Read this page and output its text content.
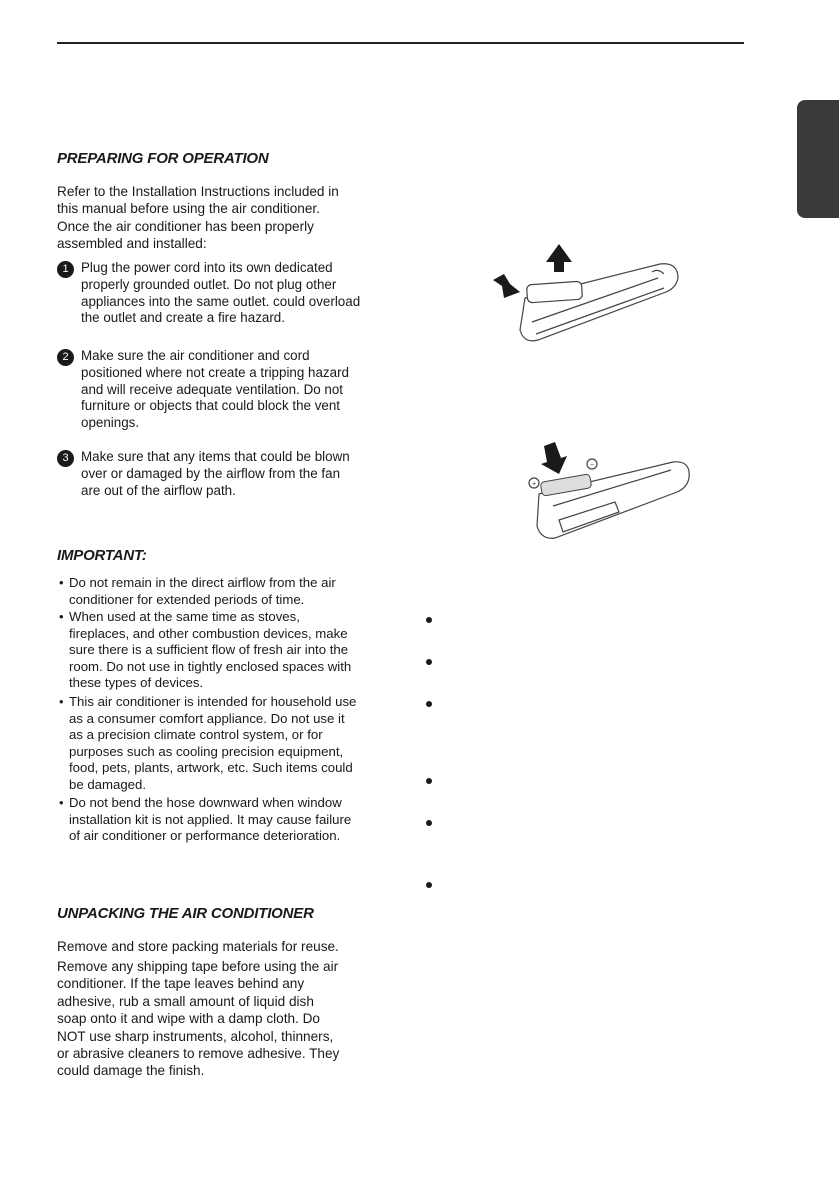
PREPARING FOR OPERATION

Refer to the Installation Instructions included in this manual before using the air conditioner. Once the air conditioner has been properly assembled and installed:

1 Plug the power cord into its own dedicated properly grounded outlet. Do not plug other appliances into the same outlet. could overload the outlet and create a fire hazard.
2 Make sure the air conditioner and cord positioned where not create a tripping hazard and will receive adequate ventilation. Do not furniture or objects that could block the vent openings.
3 Make sure that any items that could be blown over or damaged by the airflow from the fan are out of the airflow path.
IMPORTANT:
• Do not remain in the direct airflow from the air conditioner for extended periods of time.
• When used at the same time as stoves, fireplaces, and other combustion devices, make sure there is a sufficient flow of fresh air into the room. Do not use in tightly enclosed spaces with these types of devices.
• This air conditioner is intended for household use as a consumer comfort appliance. Do not use it as a precision climate control system, or for purposes such as cooling precision equipment, food, pets, plants, artwork, etc. Such items could be damaged.
• Do not bend the hose downward when window installation kit is not applied. It may cause failure of air conditioner or performance deterioration.
UNPACKING THE AIR CONDITIONER

Remove and store packing materials for reuse.

Remove any shipping tape before using the air conditioner. If the tape leaves behind any adhesive, rub a small amount of liquid dish soap onto it and wipe with a damp cloth. Do NOT use sharp instruments, alcohol, thinners, or abrasive cleaners to remove adhesive. They could damage the finish.

+
−
